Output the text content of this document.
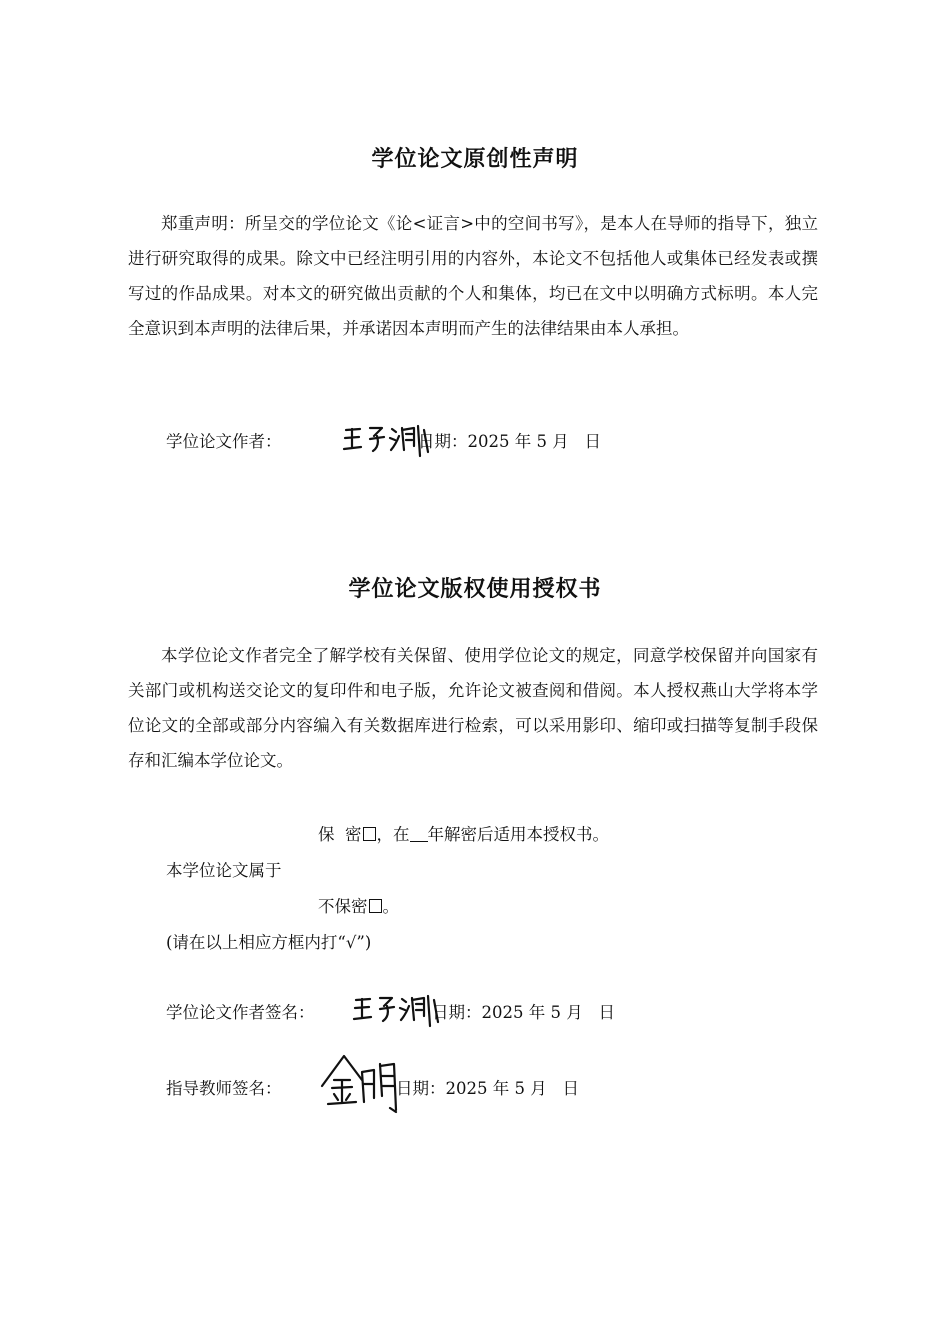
学位论文原创性声明

郑重声明：所呈交的学位论文《论<证言>中的空间书写》，是本人在导师的指导下，独立进行研究取得的成果。除文中已经注明引用的内容外，本论文不包括他人或集体已经发表或撰写过的作品成果。对本文的研究做出贡献的个人和集体，均已在文中以明确方式标明。本人完全意识到本声明的法律后果，并承诺因本声明而产生的法律结果由本人承担。

学位论文作者：	日期：2025 年 5 月   日
学位论文版权使用授权书

本学位论文作者完全了解学校有关保留、使用学位论文的规定，同意学校保留并向国家有关部门或机构送交论文的复印件和电子版，允许论文被查阅和借阅。本人授权燕山大学将本学位论文的全部或部分内容编入有关数据库进行检索，可以采用影印、缩印或扫描等复制手段保存和汇编本学位论文。

保  密 ，在 年解密后适用本授权书。
本学位论文属于
不保密 。
(请在以上相应方框内打“√”)
学位论文作者签名：	日期：2025 年 5 月   日
指导教师签名：	日期：2025 年 5 月   日
